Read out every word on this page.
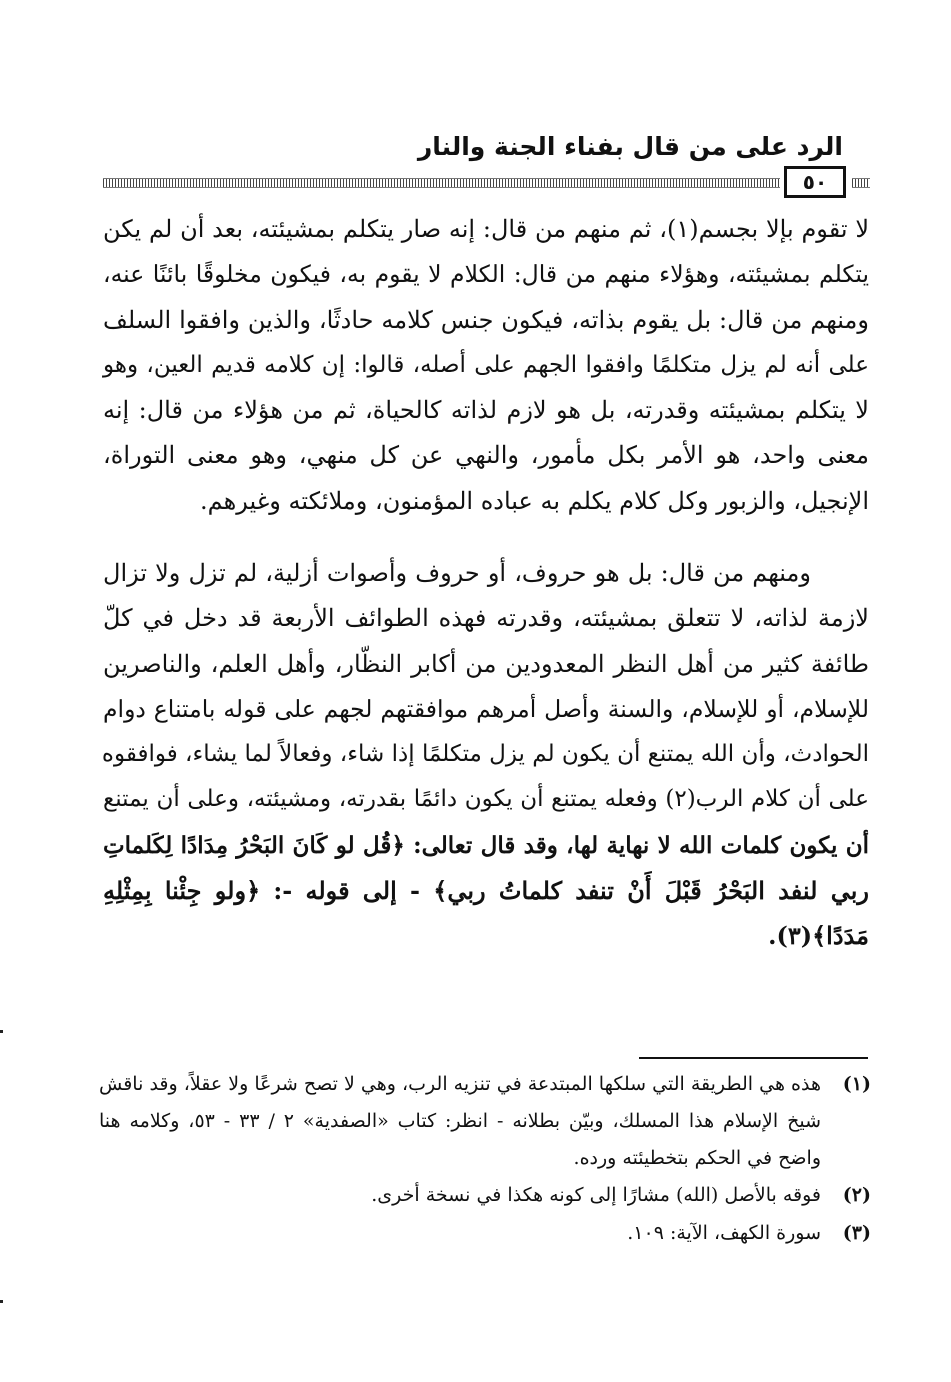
الرد على من قال بفناء الجنة والنار
٥٠
لا تقوم بإلا بجسم(١)، ثم منهم من قال: إنه صار يتكلم بمشيئته، بعد أن لم يكن
يتكلم بمشيئته، وهؤلاء منهم من قال: الكلام لا يقوم به، فيكون مخلوقًا بائنًا عنه،
ومنهم من قال: بل يقوم بذاته، فيكون جنس كلامه حادثًا، والذين وافقوا السلف
على أنه لم يزل متكلمًا وافقوا الجهم على أصله، قالوا: إن كلامه قديم العين، وهو
لا يتكلم بمشيئته وقدرته، بل هو لازم لذاته كالحياة، ثم من هؤلاء من قال: إنه
معنى واحد، هو الأمر بكل مأمور، والنهي عن كل منهي، وهو معنى التوراة،
الإنجيل، والزبور وكل كلام يكلم به عباده المؤمنون، وملائكته وغيرهم.
ومنهم من قال: بل هو حروف، أو حروف وأصوات أزلية، لم تزل ولا تزال
لازمة لذاته، لا تتعلق بمشيئته، وقدرته فهذه الطوائف الأربعة قد دخل في كلّ
طائفة كثير من أهل النظر المعدودين من أكابر النظّار، وأهل العلم، والناصرين
للإسلام، أو للإسلام، والسنة وأصل أمرهم موافقتهم لجهم على قوله بامتناع دوام
الحوادث، وأن الله يمتنع أن يكون لم يزل متكلمًا إذا شاء، وفعالاً لما يشاء، فوافقوه
على أن كلام الرب(٢) وفعله يمتنع أن يكون دائمًا بقدرته، ومشيئته، وعلى أن يمتنع
أن يكون كلمات الله لا نهاية لها، وقد قال تعالى: ﴿قُل لو كَانَ البَحْرُ مِدَادًا لِكَلماتِ
ربي لنفد البَحْرُ قَبْلَ أَنْ تنفد كلماتُ ربي﴾ - إلى قوله -: ﴿ولو جِئْنا بِمِثْلِهِ
مَدَدًا﴾(٣).
(١)
هذه هي الطريقة التي سلكها المبتدعة في تنزيه الرب، وهي لا تصح شرعًا ولا عقلاً، وقد ناقش
شيخ الإسلام هذا المسلك، وبيّن بطلانه - انظر: كتاب «الصفدية» ٢ / ٣٣ - ٥٣، وكلامه هنا
واضح في الحكم بتخطيئته ورده.
(٢)
فوقه بالأصل (الله) مشارًا إلى كونه هكذا في نسخة أخرى.
(٣)
سورة الكهف، الآية: ١٠٩.
